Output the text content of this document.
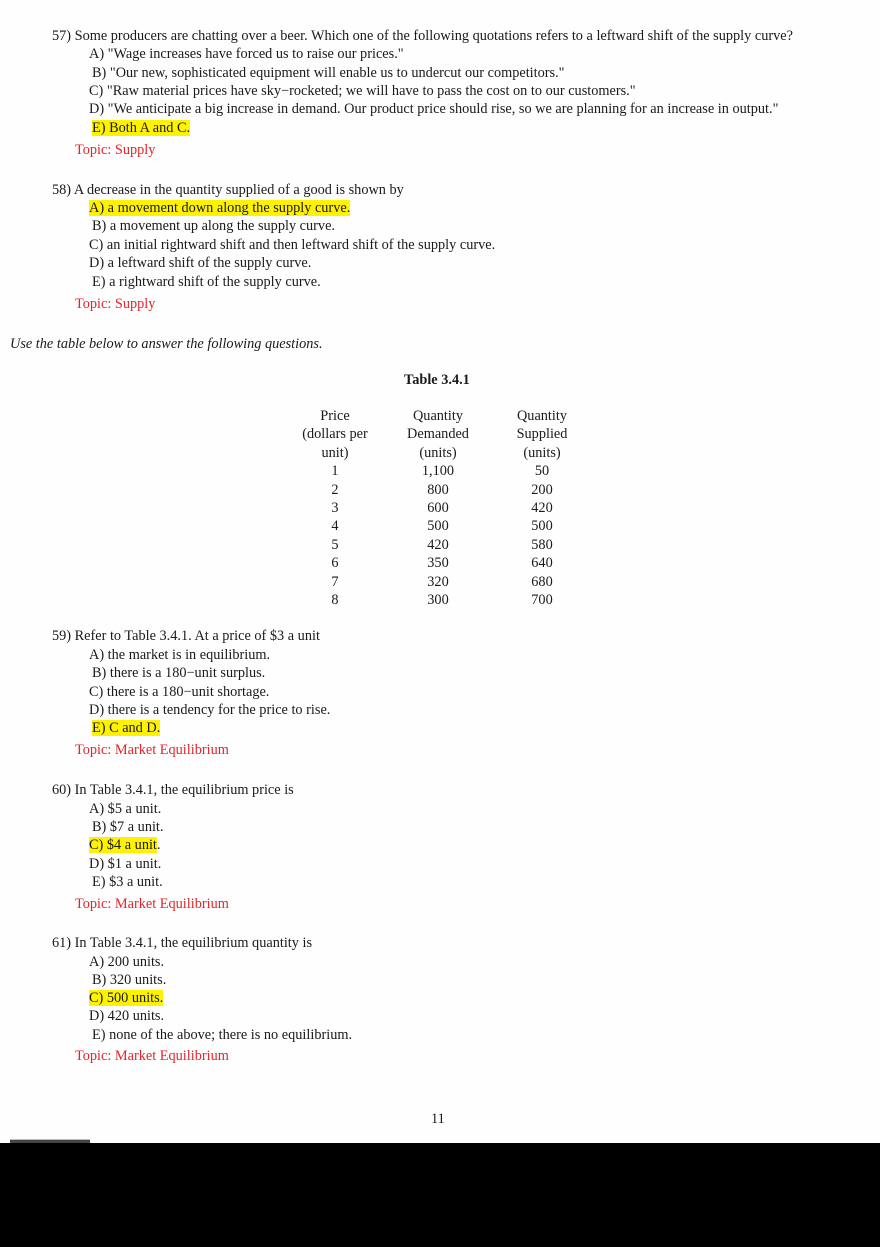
57) Some producers are chatting over a beer. Which one of the following quotations refers to a leftward shift of the supply curve?
A) "Wage increases have forced us to raise our prices."
B) "Our new, sophisticated equipment will enable us to undercut our competitors."
C) "Raw material prices have sky−rocketed; we will have to pass the cost on to our customers."
D) "We anticipate a big increase in demand. Our product price should rise, so we are planning for an increase in output."
E) Both A and C.
Topic: Supply
58) A decrease in the quantity supplied of a good is shown by
A) a movement down along the supply curve.
B) a movement up along the supply curve.
C) an initial rightward shift and then leftward shift of the supply curve.
D) a leftward shift of the supply curve.
E) a rightward shift of the supply curve.
Topic: Supply
Use the table below to answer the following questions.
Table 3.4.1
Price
(dollars per
unit)
1
2
3
4
5
6
7
8
Quantity
Demanded
(units)
1,100
800
600
500
420
350
320
300
Quantity
Supplied
(units)
50
200
420
500
580
640
680
700
59) Refer to Table 3.4.1. At a price of $3 a unit
A) the market is in equilibrium.
B) there is a 180−unit surplus.
C) there is a 180−unit shortage.
D) there is a tendency for the price to rise.
E) C and D.
Topic: Market Equilibrium
60) In Table 3.4.1, the equilibrium price is
A) $5 a unit.
B) $7 a unit.
C) $4 a unit.
D) $1 a unit.
E) $3 a unit.
Topic: Market Equilibrium
61) In Table 3.4.1, the equilibrium quantity is
A) 200 units.
B) 320 units.
C) 500 units.
D) 420 units.
E) none of the above; there is no equilibrium.
Topic: Market Equilibrium
11
